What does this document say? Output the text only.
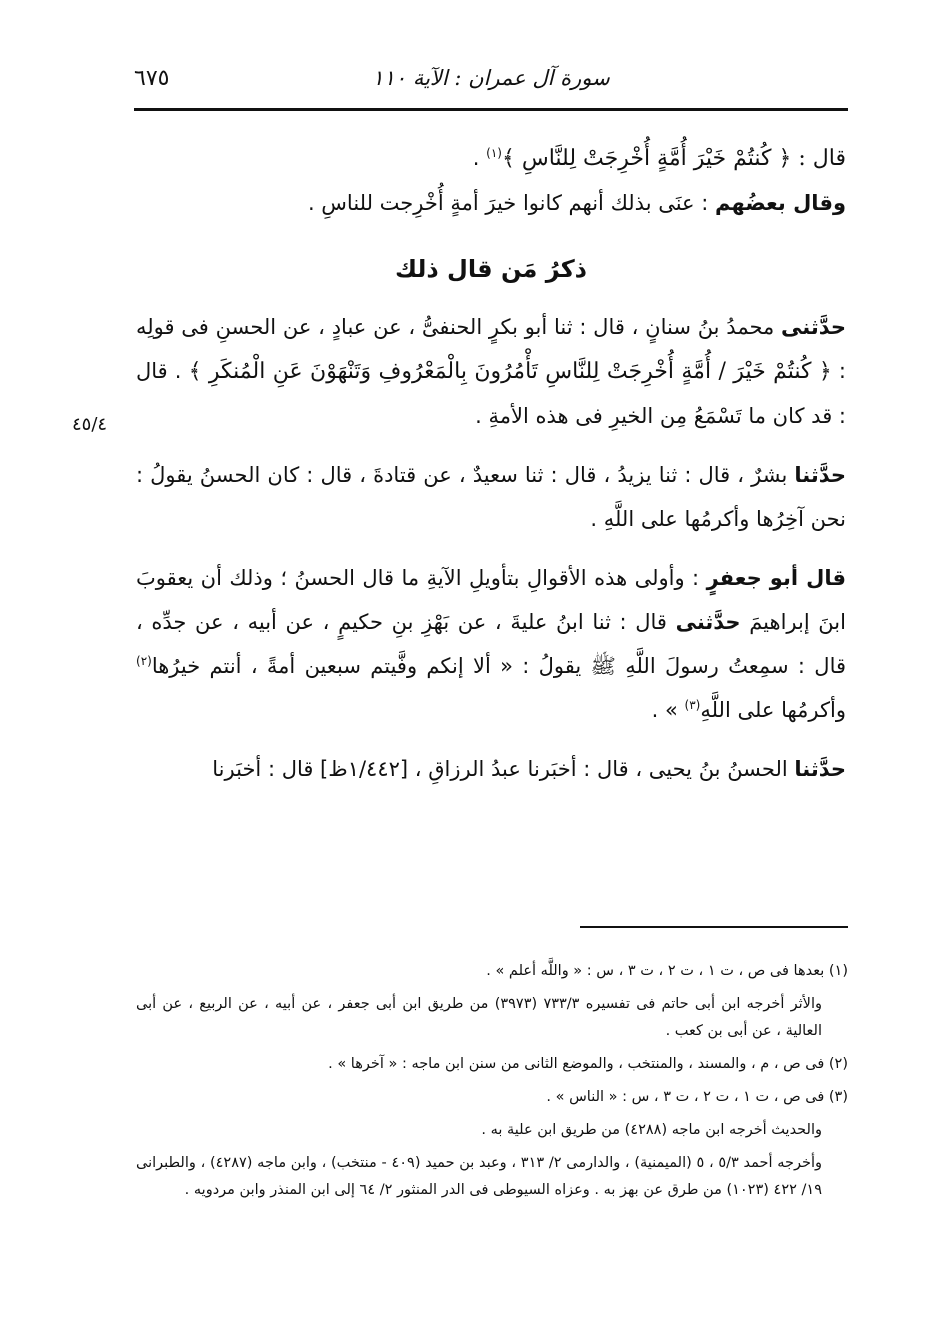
٦٧٥	سورة آل عمران : الآية ١١٠
٤٥/٤

قال : ﴿ كُنتُمْ خَيْرَ أُمَّةٍ أُخْرِجَتْ لِلنَّاسِ ﴾$^{(١)}$ .

وقال بعضُهم : عنَى بذلك أنهم كانوا خيرَ أمةٍ أُخْرِجت للناسِ .

ذكرُ مَن قال ذلك

حدَّثنى محمدُ بنُ سنانٍ ، قال : ثنا أبو بكرٍ الحنفىُّ ، عن عبادٍ ، عن الحسنِ فى قولِه : ﴿ كُنتُمْ خَيْرَ / أُمَّةٍ أُخْرِجَتْ لِلنَّاسِ تَأْمُرُونَ بِالْمَعْرُوفِ وَتَنْهَوْنَ عَنِ الْمُنكَرِ ﴾ . قال : قد كان ما تَسْمَعُ مِن الخيرِ فى هذه الأمةِ .

حدَّثنا بشرٌ ، قال : ثنا يزيدُ ، قال : ثنا سعيدٌ ، عن قتادةَ ، قال : كان الحسنُ يقولُ : نحن آخِرُها وأكرمُها على اللَّهِ .

قال أبو جعفرٍ : وأولى هذه الأقوالِ بتأويلِ الآيةِ ما قال الحسنُ ؛ وذلك أن يعقوبَ ابنَ إبراهيمَ حدَّثنى قال : ثنا ابنُ عليةَ ، عن بَهْزِ بنِ حكيمٍ ، عن أبيه ، عن جدِّه ، قال : سمِعتُ رسولَ اللَّهِ ﷺ يقولُ : « ألا إنكم وفَّيتم سبعين أمةً ، أنتم خيرُها$^{(٢)}$ وأكرمُها على اللَّهِ$^{(٣)}$ » .

حدَّثنا الحسنُ بنُ يحيى ، قال : أخبَرنا عبدُ الرزاقِ ، [١/٤٤٢ظ] قال : أخبَرنا

(١) بعدها فى ص ، ت ١ ، ت ٢ ، ت ٣ ، س : « واللَّه أعلم » .

والأثر أخرجه ابن أبى حاتم فى تفسيره ٧٣٣/٣ (٣٩٧٣) من طريق ابن أبى جعفر ، عن أبيه ، عن الربيع ، عن أبى العالية ، عن أبى بن كعب .

(٢) فى ص ، م ، والمسند ، والمنتخب ، والموضع الثانى من سنن ابن ماجه : « آخرها » .

(٣) فى ص ، ت ١ ، ت ٢ ، ت ٣ ، س : « الناس » .

والحديث أخرجه ابن ماجه (٤٢٨٨) من طريق ابن علية به .

وأخرجه أحمد ٥/٣ ، ٥ (الميمنية) ، والدارمى ٢/ ٣١٣ ، وعبد بن حميد (٤٠٩ - منتخب) ، وابن ماجه (٤٢٨٧) ، والطبرانى ١٩/ ٤٢٢ (١٠٢٣) من طرق عن بهز به . وعزاه السيوطى فى الدر المنثور ٢/ ٦٤ إلى ابن المنذر وابن مردويه .
